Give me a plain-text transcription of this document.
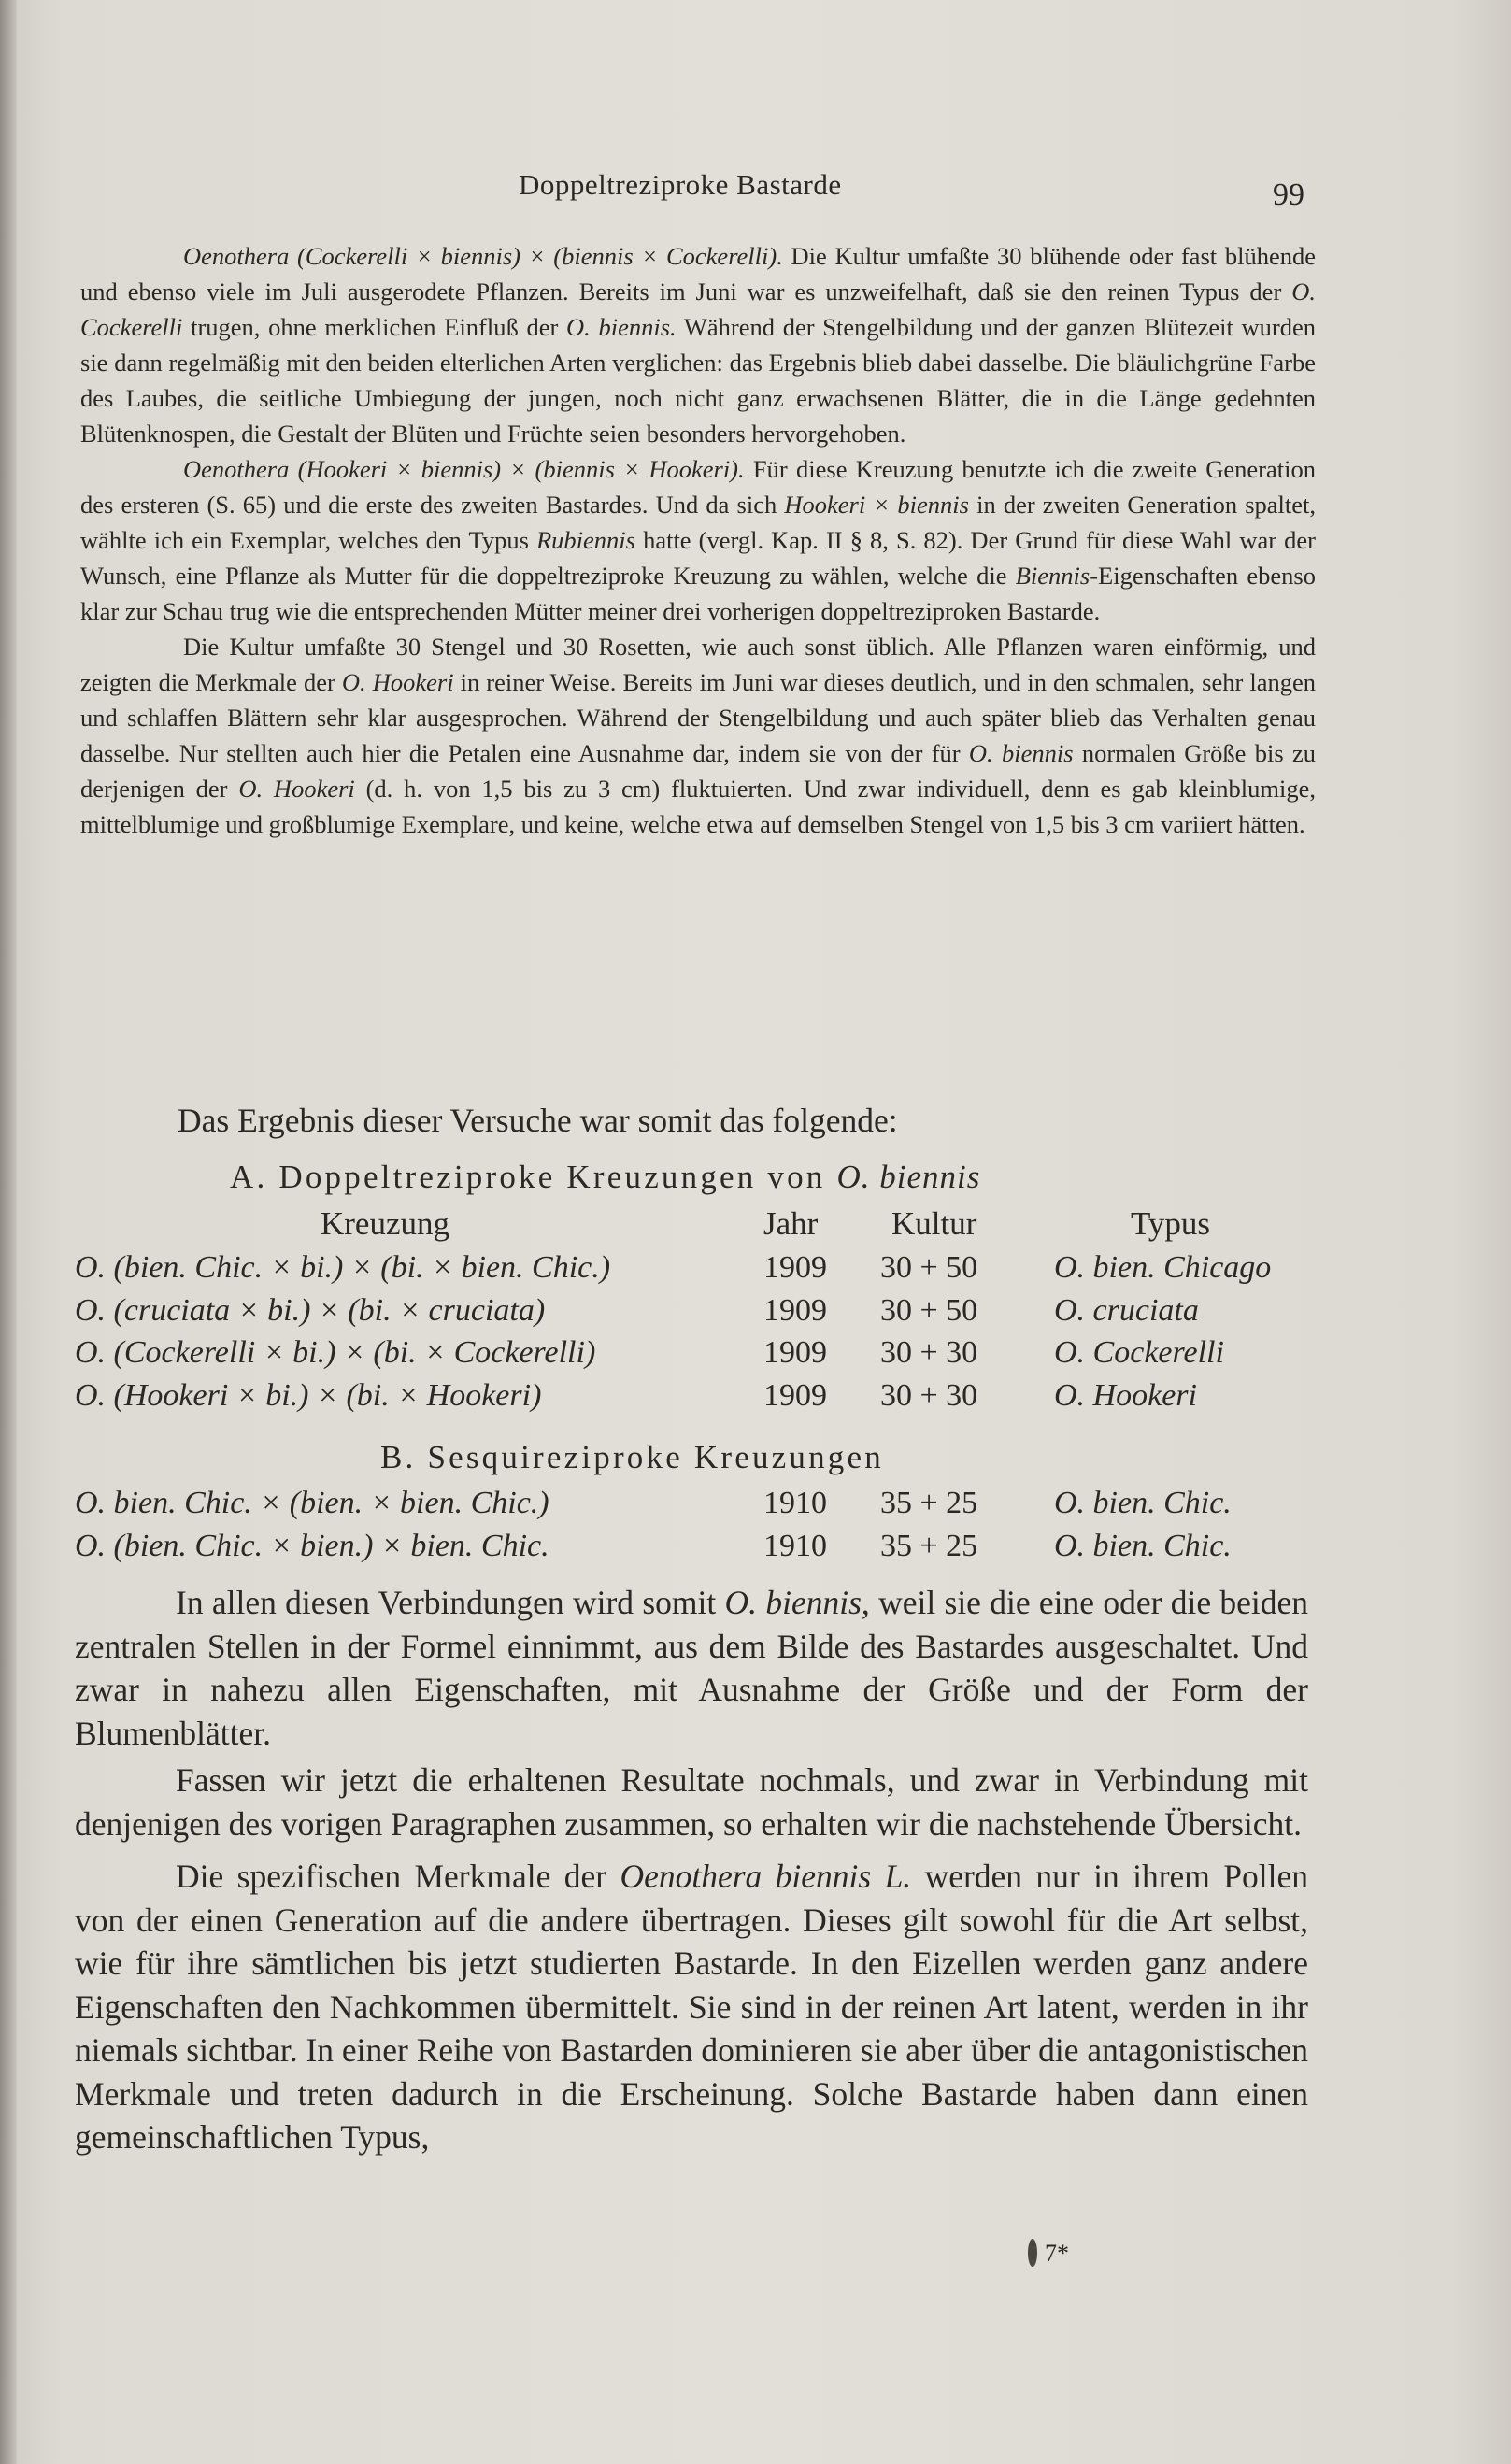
Doppeltreziproke Bastarde	99

Oenothera (Cockerelli × biennis) × (biennis × Cockerelli). Die Kultur umfaßte 30 blühende oder fast blühende und ebenso viele im Juli ausgerodete Pflanzen. Bereits im Juni war es unzweifelhaft, daß sie den reinen Typus der O. Cockerelli trugen, ohne merklichen Einfluß der O. biennis. Während der Stengelbildung und der ganzen Blütezeit wurden sie dann regelmäßig mit den beiden elterlichen Arten verglichen: das Ergebnis blieb dabei dasselbe. Die bläulichgrüne Farbe des Laubes, die seitliche Umbiegung der jungen, noch nicht ganz erwachsenen Blätter, die in die Länge gedehnten Blütenknospen, die Gestalt der Blüten und Früchte seien besonders hervorgehoben.

Oenothera (Hookeri × biennis) × (biennis × Hookeri). Für diese Kreuzung benutzte ich die zweite Generation des ersteren (S. 65) und die erste des zweiten Bastardes. Und da sich Hookeri × biennis in der zweiten Generation spaltet, wählte ich ein Exemplar, welches den Typus Rubiennis hatte (vergl. Kap. II § 8, S. 82). Der Grund für diese Wahl war der Wunsch, eine Pflanze als Mutter für die doppeltreziproke Kreuzung zu wählen, welche die Biennis-Eigenschaften ebenso klar zur Schau trug wie die entsprechenden Mütter meiner drei vorherigen doppeltreziproken Bastarde.

Die Kultur umfaßte 30 Stengel und 30 Rosetten, wie auch sonst üblich. Alle Pflanzen waren einförmig, und zeigten die Merkmale der O. Hookeri in reiner Weise. Bereits im Juni war dieses deutlich, und in den schmalen, sehr langen und schlaffen Blättern sehr klar ausgesprochen. Während der Stengelbildung und auch später blieb das Verhalten genau dasselbe. Nur stellten auch hier die Petalen eine Ausnahme dar, indem sie von der für O. biennis normalen Größe bis zu derjenigen der O. Hookeri (d. h. von 1,5 bis zu 3 cm) fluktuierten. Und zwar individuell, denn es gab kleinblumige, mittelblumige und großblumige Exemplare, und keine, welche etwa auf demselben Stengel von 1,5 bis 3 cm variiert hätten.

Das Ergebnis dieser Versuche war somit das folgende:
A. Doppeltreziproke Kreuzungen von O. biennis
Kreuzung	Jahr Kultur	Typus
O. (bien. Chic. × bi.) × (bi. × bien. Chic.)	1909 30 + 50 O. bien. Chicago
O. (cruciata × bi.) × (bi. × cruciata)	1909 30 + 50 O. cruciata
O. (Cockerelli × bi.) × (bi. × Cockerelli)	1909 30 + 30 O. Cockerelli
O. (Hookeri × bi.) × (bi. × Hookeri)	1909 30 + 30 O. Hookeri
B. Sesquireziproke Kreuzungen
O. bien. Chic. × (bien. × bien. Chic.)	1910 35 + 25 O. bien. Chic.
O. (bien. Chic. × bien.) × bien. Chic.	1910 35 + 25 O. bien. Chic.

In allen diesen Verbindungen wird somit O. biennis, weil sie die eine oder die beiden zentralen Stellen in der Formel einnimmt, aus dem Bilde des Bastardes ausgeschaltet. Und zwar in nahezu allen Eigenschaften, mit Ausnahme der Größe und der Form der Blumenblätter.

Fassen wir jetzt die erhaltenen Resultate nochmals, und zwar in Verbindung mit denjenigen des vorigen Paragraphen zusammen, so erhalten wir die nachstehende Übersicht.

Die spezifischen Merkmale der Oenothera biennis L. werden nur in ihrem Pollen von der einen Generation auf die andere übertragen. Dieses gilt sowohl für die Art selbst, wie für ihre sämtlichen bis jetzt studierten Bastarde. In den Eizellen werden ganz andere Eigenschaften den Nachkommen übermittelt. Sie sind in der reinen Art latent, werden in ihr niemals sichtbar. In einer Reihe von Bastarden dominieren sie aber über die antagonistischen Merkmale und treten dadurch in die Erscheinung. Solche Bastarde haben dann einen gemeinschaftlichen Typus,

7*
